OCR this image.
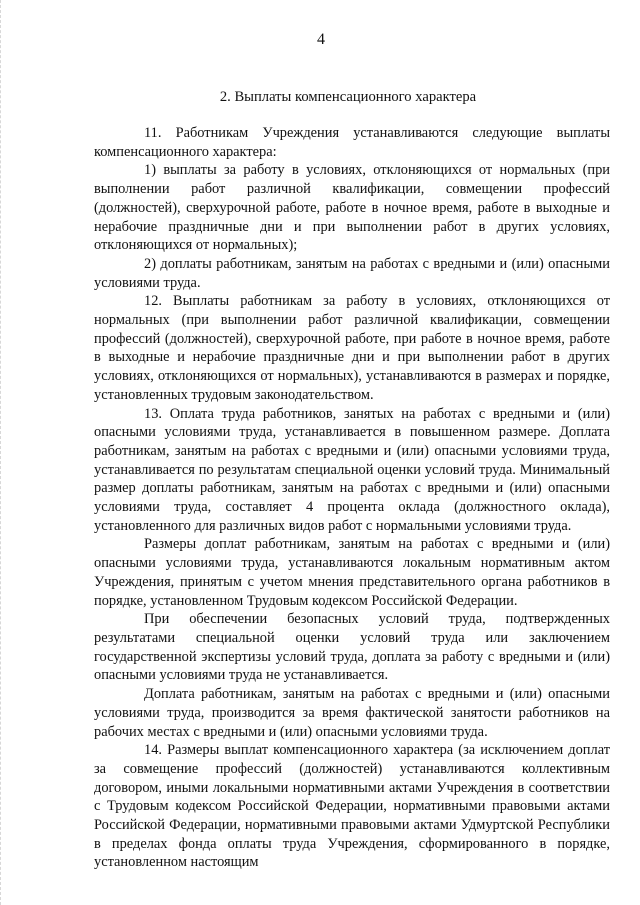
4
2. Выплаты компенсационного характера

11. Работникам Учреждения устанавливаются следующие выплаты компенсационного характера:

1) выплаты за работу в условиях, отклоняющихся от нормальных (при выполнении работ различной квалификации, совмещении профессий (должностей), сверхурочной работе, работе в ночное время, работе в выходные и нерабочие праздничные дни и при выполнении работ в других условиях, отклоняющихся от нормальных);

2) доплаты работникам, занятым на работах с вредными и (или) опасными условиями труда.

12. Выплаты работникам за работу в условиях, отклоняющихся от нормальных (при выполнении работ различной квалификации, совмещении профессий (должностей), сверхурочной работе, при работе в ночное время, работе в выходные и нерабочие праздничные дни и при выполнении работ в других условиях, отклоняющихся от нормальных), устанавливаются в размерах и порядке, установленных трудовым законодательством.

13. Оплата труда работников, занятых на работах с вредными и (или) опасными условиями труда, устанавливается в повышенном размере. Доплата работникам, занятым на работах с вредными и (или) опасными условиями труда, устанавливается по результатам специальной оценки условий труда. Минимальный размер доплаты работникам, занятым на работах с вредными и (или) опасными условиями труда, составляет 4 процента оклада (должностного оклада), установленного для различных видов работ с нормальными условиями труда.

Размеры доплат работникам, занятым на работах с вредными и (или) опасными условиями труда, устанавливаются локальным нормативным актом Учреждения, принятым с учетом мнения представительного органа работников в порядке, установленном Трудовым кодексом Российской Федерации.

При обеспечении безопасных условий труда, подтвержденных результатами специальной оценки условий труда или заключением государственной экспертизы условий труда, доплата за работу с вредными и (или) опасными условиями труда не устанавливается.

Доплата работникам, занятым на работах с вредными и (или) опасными условиями труда, производится за время фактической занятости работников на рабочих местах с вредными и (или) опасными условиями труда.

14. Размеры выплат компенсационного характера (за исключением доплат за совмещение профессий (должностей) устанавливаются коллективным договором, иными локальными нормативными актами Учреждения в соответствии с Трудовым кодексом Российской Федерации, нормативными правовыми актами Российской Федерации, нормативными правовыми актами Удмуртской Республики в пределах фонда оплаты труда Учреждения, сформированного в порядке, установленном настоящим
